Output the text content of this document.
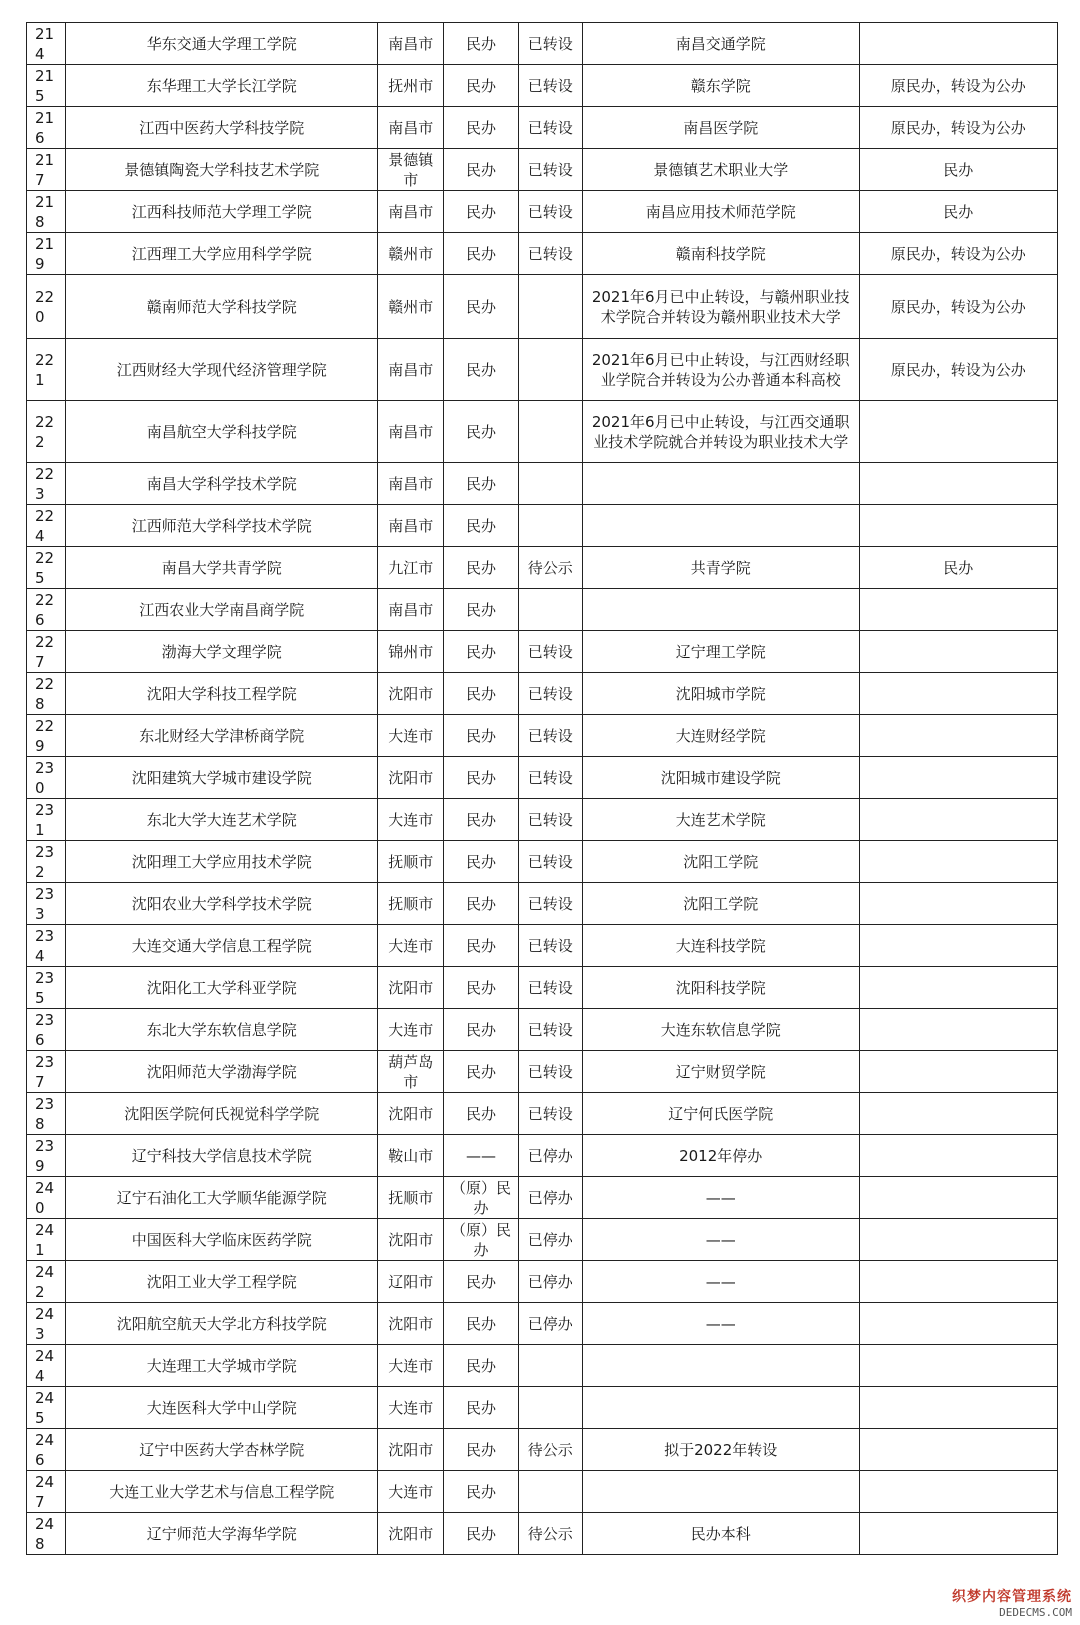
214	华东交通大学理工学院	南昌市	民办	已转设	南昌交通学院	
215	东华理工大学长江学院	抚州市	民办	已转设	赣东学院	原民办，转设为公办
216	江西中医药大学科技学院	南昌市	民办	已转设	南昌医学院	原民办，转设为公办
217	景德镇陶瓷大学科技艺术学院	景德镇市	民办	已转设	景德镇艺术职业大学	民办
218	江西科技师范大学理工学院	南昌市	民办	已转设	南昌应用技术师范学院	民办
219	江西理工大学应用科学学院	赣州市	民办	已转设	赣南科技学院	原民办，转设为公办
220	赣南师范大学科技学院	赣州市	民办		2021年6月已中止转设，与赣州职业技术学院合并转设为赣州职业技术大学	原民办，转设为公办
221	江西财经大学现代经济管理学院	南昌市	民办		2021年6月已中止转设，与江西财经职业学院合并转设为公办普通本科高校	原民办，转设为公办
222	南昌航空大学科技学院	南昌市	民办		2021年6月已中止转设，与江西交通职业技术学院就合并转设为职业技术大学	
223	南昌大学科学技术学院	南昌市	民办			
224	江西师范大学科学技术学院	南昌市	民办			
225	南昌大学共青学院	九江市	民办	待公示	共青学院	民办
226	江西农业大学南昌商学院	南昌市	民办			
227	渤海大学文理学院	锦州市	民办	已转设	辽宁理工学院	
228	沈阳大学科技工程学院	沈阳市	民办	已转设	沈阳城市学院	
229	东北财经大学津桥商学院	大连市	民办	已转设	大连财经学院	
230	沈阳建筑大学城市建设学院	沈阳市	民办	已转设	沈阳城市建设学院	
231	东北大学大连艺术学院	大连市	民办	已转设	大连艺术学院	
232	沈阳理工大学应用技术学院	抚顺市	民办	已转设	沈阳工学院	
233	沈阳农业大学科学技术学院	抚顺市	民办	已转设	沈阳工学院	
234	大连交通大学信息工程学院	大连市	民办	已转设	大连科技学院	
235	沈阳化工大学科亚学院	沈阳市	民办	已转设	沈阳科技学院	
236	东北大学东软信息学院	大连市	民办	已转设	大连东软信息学院	
237	沈阳师范大学渤海学院	葫芦岛市	民办	已转设	辽宁财贸学院	
238	沈阳医学院何氏视觉科学学院	沈阳市	民办	已转设	辽宁何氏医学院	
239	辽宁科技大学信息技术学院	鞍山市	——	已停办	2012年停办	
240	辽宁石油化工大学顺华能源学院	抚顺市	（原）民办	已停办	——	
241	中国医科大学临床医药学院	沈阳市	（原）民办	已停办	——	
242	沈阳工业大学工程学院	辽阳市	民办	已停办	——	
243	沈阳航空航天大学北方科技学院	沈阳市	民办	已停办	——	
244	大连理工大学城市学院	大连市	民办			
245	大连医科大学中山学院	大连市	民办			
246	辽宁中医药大学杏林学院	沈阳市	民办	待公示	拟于2022年转设	
247	大连工业大学艺术与信息工程学院	大连市	民办			
248	辽宁师范大学海华学院	沈阳市	民办	待公示	民办本科	
织梦内容管理系统
DEDECMS.COM
